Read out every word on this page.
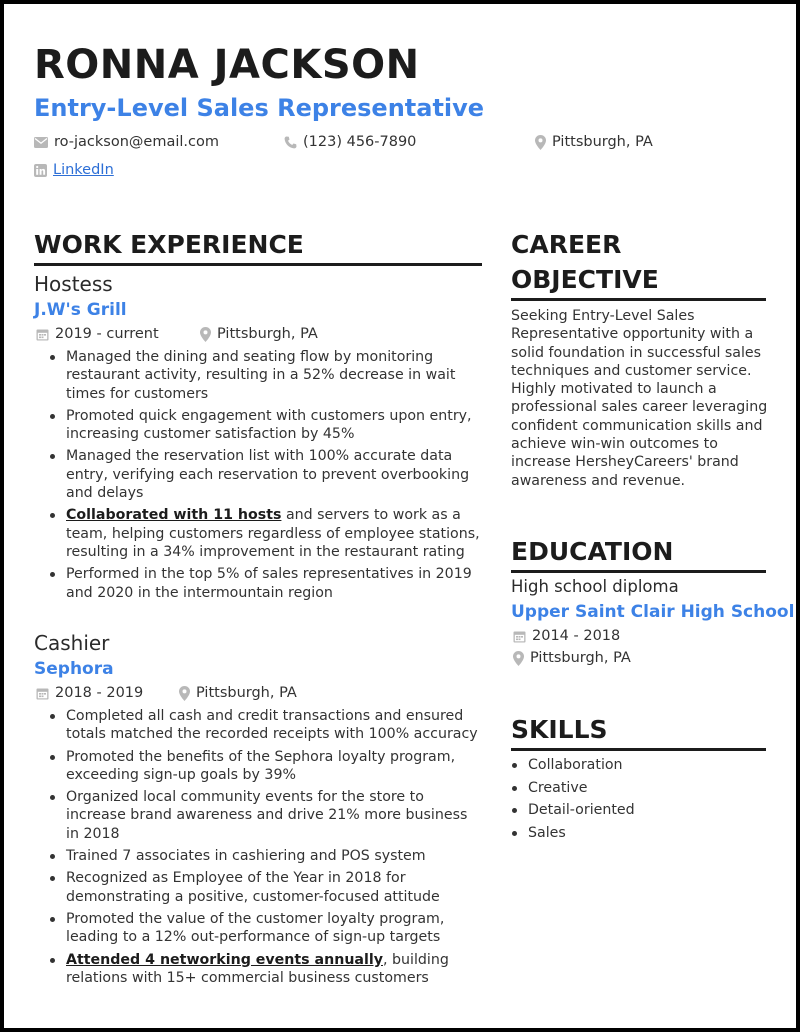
RONNA JACKSON
Entry-Level Sales Representative
ro-jackson@email.com	(123) 456-7890	Pittsburgh, PA
LinkedIn
WORK EXPERIENCE
Hostess
J.W's Grill
2019 - current	Pittsburgh, PA
Managed the dining and seating flow by monitoring restaurant activity, resulting in a 52% decrease in wait times for customers
Promoted quick engagement with customers upon entry, increasing customer satisfaction by 45%
Managed the reservation list with 100% accurate data entry, verifying each reservation to prevent overbooking and delays
Collaborated with 11 hosts and servers to work as a team, helping customers regardless of employee stations, resulting in a 34% improvement in the restaurant rating
Performed in the top 5% of sales representatives in 2019 and 2020 in the intermountain region
Cashier
Sephora
2018 - 2019	Pittsburgh, PA
Completed all cash and credit transactions and ensured totals matched the recorded receipts with 100% accuracy
Promoted the benefits of the Sephora loyalty program, exceeding sign-up goals by 39%
Organized local community events for the store to increase brand awareness and drive 21% more business in 2018
Trained 7 associates in cashiering and POS system
Recognized as Employee of the Year in 2018 for demonstrating a positive, customer-focused attitude
Promoted the value of the customer loyalty program, leading to a 12% out-performance of sign-up targets
Attended 4 networking events annually, building relations with 15+ commercial business customers
CAREER
OBJECTIVE
Seeking Entry-Level Sales Representative opportunity with a solid foundation in successful sales techniques and customer service. Highly motivated to launch a professional sales career leveraging confident communication skills and achieve win-win outcomes to increase HersheyCareers' brand awareness and revenue.
EDUCATION
High school diploma
Upper Saint Clair High School
2014 - 2018
Pittsburgh, PA
SKILLS
Collaboration
Creative
Detail-oriented
Sales
